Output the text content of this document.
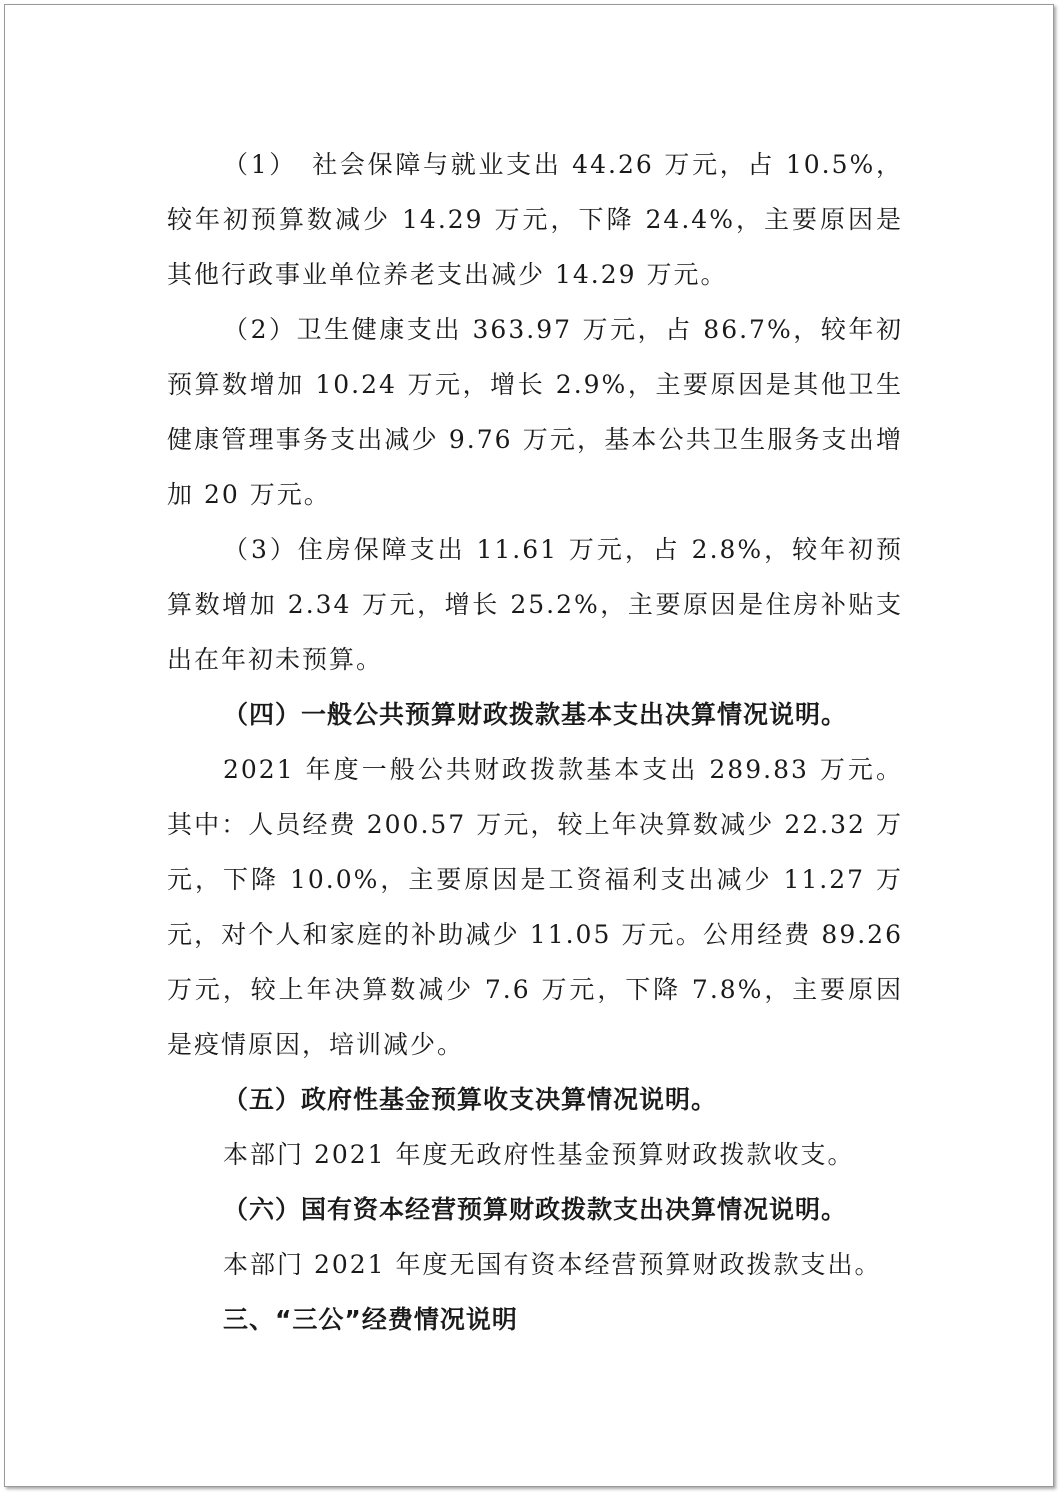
（1）　社会保障与就业支出 44.26 万元，占 10.5%，较年初预算数减少 14.29 万元，下降 24.4%，主要原因是其他行政事业单位养老支出减少 14.29 万元。

（2）卫生健康支出 363.97 万元，占 86.7%，较年初预算数增加 10.24 万元，增长 2.9%，主要原因是其他卫生健康管理事务支出减少 9.76 万元，基本公共卫生服务支出增加 20 万元。

（3）住房保障支出 11.61 万元，占 2.8%，较年初预算数增加 2.34 万元，增长 25.2%，主要原因是住房补贴支出在年初未预算。

（四）一般公共预算财政拨款基本支出决算情况说明。

2021 年度一般公共财政拨款基本支出 289.83 万元。其中：人员经费 200.57 万元，较上年决算数减少 22.32 万元，下降 10.0%，主要原因是工资福利支出减少 11.27 万元，对个人和家庭的补助减少 11.05 万元。公用经费 89.26 万元，较上年决算数减少 7.6 万元，下降 7.8%，主要原因是疫情原因，培训减少。

（五）政府性基金预算收支决算情况说明。

本部门 2021 年度无政府性基金预算财政拨款收支。

（六）国有资本经营预算财政拨款支出决算情况说明。

本部门 2021 年度无国有资本经营预算财政拨款支出。

三、“三公”经费情况说明
